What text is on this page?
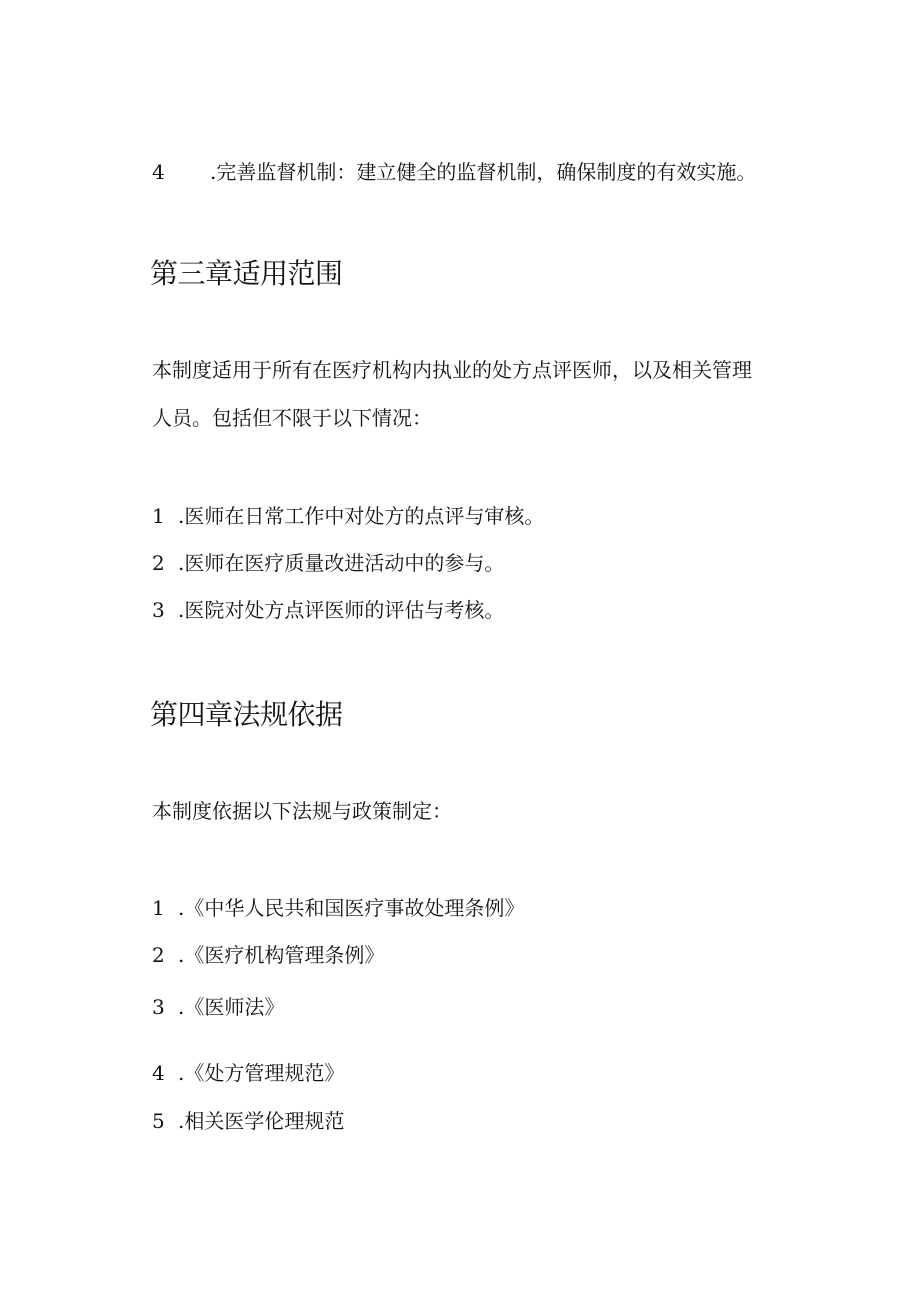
4 .完善监督机制：建立健全的监督机制，确保制度的有效实施。
第三章适用范围
本制度适用于所有在医疗机构内执业的处方点评医师，以及相关管理
人员。包括但不限于以下情况：
1 .医师在日常工作中对处方的点评与审核。
2 .医师在医疗质量改进活动中的参与。
3 .医院对处方点评医师的评估与考核。
第四章法规依据
本制度依据以下法规与政策制定：
1 .《中华人民共和国医疗事故处理条例》
2 .《医疗机构管理条例》
3 .《医师法》
4 .《处方管理规范》
5 .相关医学伦理规范
